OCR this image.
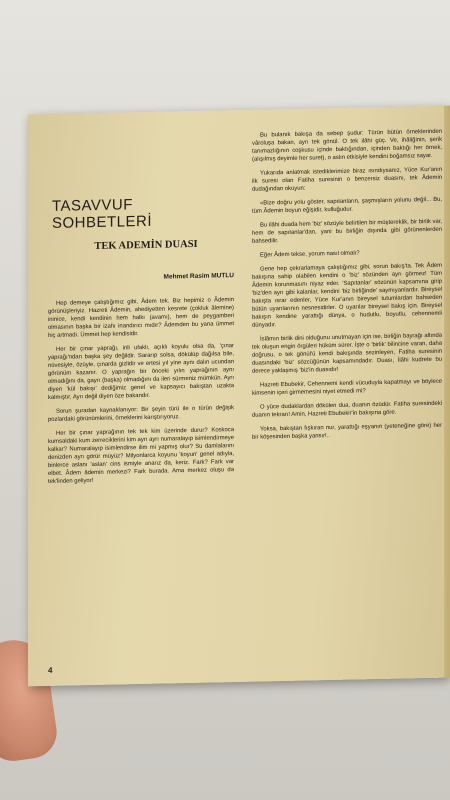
TASAVVUF SOHBETLERİ
TEK ADEMİN DUASI
Mehmet Rasim MUTLU

Hep demeye çalıştığımız gibi, Âdem tek. Biz hepimiz o Âdemin görünüşleriyiz. Hazreti Âdemin, ahediyetten kesrete (çokluk âlemine) ininice, kendi kendinin hem halkı (avamı), hem de peygamberi olmasının başka bir izahı inandırıcı mıdır? Âdemden bu yana ümmet hiç artmadı. Ümmet hep kendisidir.

Her bir çınar yaprağı, irili ufaklı, açıklı koyulu olsa da, 'çınar yaprağı'ndan başka şey değildir. Sararıp solsa, dökülüp dağılsa bile, nüvesiyle, özüyle, çınarda gizlidir ve ertesi yıl yine aynı dalın ucundan görünüm kazanır. O yaprağın bir önceki yılın yaprağının aynı olmadığını da, gayrı (başka) olmadığını da ileri sürmeniz mümkün. Ayrı diyen 'kül bakışı' dediğimiz genel ve kapsayıcı bakıştan uzakta kalmıştır. Ayrı değil diyen öze bakandır.

Sorun şuradan kaynaklanıyor: Bir şeyin türü ile o türün değişik pozlardaki görünümlerini, örneklerini karıştırıyoruz.

Her bir çınar yaprağının tek tek kim üzerinde durur? Koskoca kumsaldaki kum zerreciklerini kim ayrı ayrı numaralayıp isimlendirmeye kalkar? Numaralayıp isimlendirse ilim mi yapmış olur? Su damlalarını denizden ayrı görür müyüz? Milyonlarca koyunu 'koyun' genel adıyla, binlerce aslanı 'aslan' cins ismiyle anarız da, keriz. Fark? Fark var elbet. Âdem âdemin merkezi? Fark burada. Ama merkez oluşu da tek'linden geliyor!

4

Bu bulanık bakışa da sebep şudur: Türün bütün örneklerinden vâroluşa bakan, ayrı tek gönül. O tek ilâhi güç. Ve, ihâliğinin, şerik tanımazlığının coşkusu içinde baktığından, içinden baktığı her örnek, (alışılmış deyimle her suret), o aslın etkisiyle kendini boğamsız sayar.

Yukarıda anlatmak istediklerimize biraz ısındıysanız, Yüce Kur'anın ilk suresi olan Fatiha suresinin o benzersiz duasını, tek Âdemin dudağından okuyun:

«Bize doğru yolu göster, sapıtanların, şaşmışların yolunu değil... Bu, tüm Âdemin boyun eğişidir, kulluğudur.

Bu ilâhi duada hem 'biz' sözüyle belirtilen bir müştereklik, bir birlik var, hem de sapıtanlar'dan, yani bu birliğin dışında gibi görünenlerden bahsedilir.

Eğer Âdem tekse, yorum nasıl olmalı?

Gene hep çekrarlamaya çalıştığımız gibi, sorun bakış'ta. Tek Âdem bakışına sahip olabilen kendini o 'biz' sözünden ayrı görmez! Tüm Âdemin korunmasını niyaz eder. 'Sapıtanlar' sözünün kapsamına girip 'biz'den ayrı gibi kalanlar, kendini 'biz birliğinde' saymıyanlardır. Bireysel bakışta ısrar edenler, Yüce Kur'anın bireysel tutumlardan bahseden bütün uyarılarının nesnesidirler. O uyarılar bireysel bakış için. Bireysel bakışın kendine yarattığı dünya, o hudutlu, boyutlu, cehennemli dünyadır.

İslâmın birlik dini olduğunu unutmayan için ise, birliğin bayrağı altında tek oluşun engin örgüleri hüküm sürer. İşte o 'birlik' bilincine varan, daha doğrusu, o tek gönül'ü kendi bakışında sezinleyen, Fatiha suresinin duasındaki 'biz' sözcüğünün kapsamındadır. Duası, İlâhi kudrete bu derece yaklaşmış 'biz'in duasıdır!

Hazreti Ebubekir, Cehennemi kendi vücuduyla kapatmayı ve böylece kimsenin içeri girmemesini niyet etmedi mi?

O yüce dudaklardan dökülen dua, duanın özüdür. Fatiha suresindeki duanın tekrarı! Amin, Hazreti Ebubekir'in bakışına göre.

Yoksa, bakıştan fışkıran nur, yarattığı eşyanın (yeteneğine göre) her bir köşesinden başka yansır!..
